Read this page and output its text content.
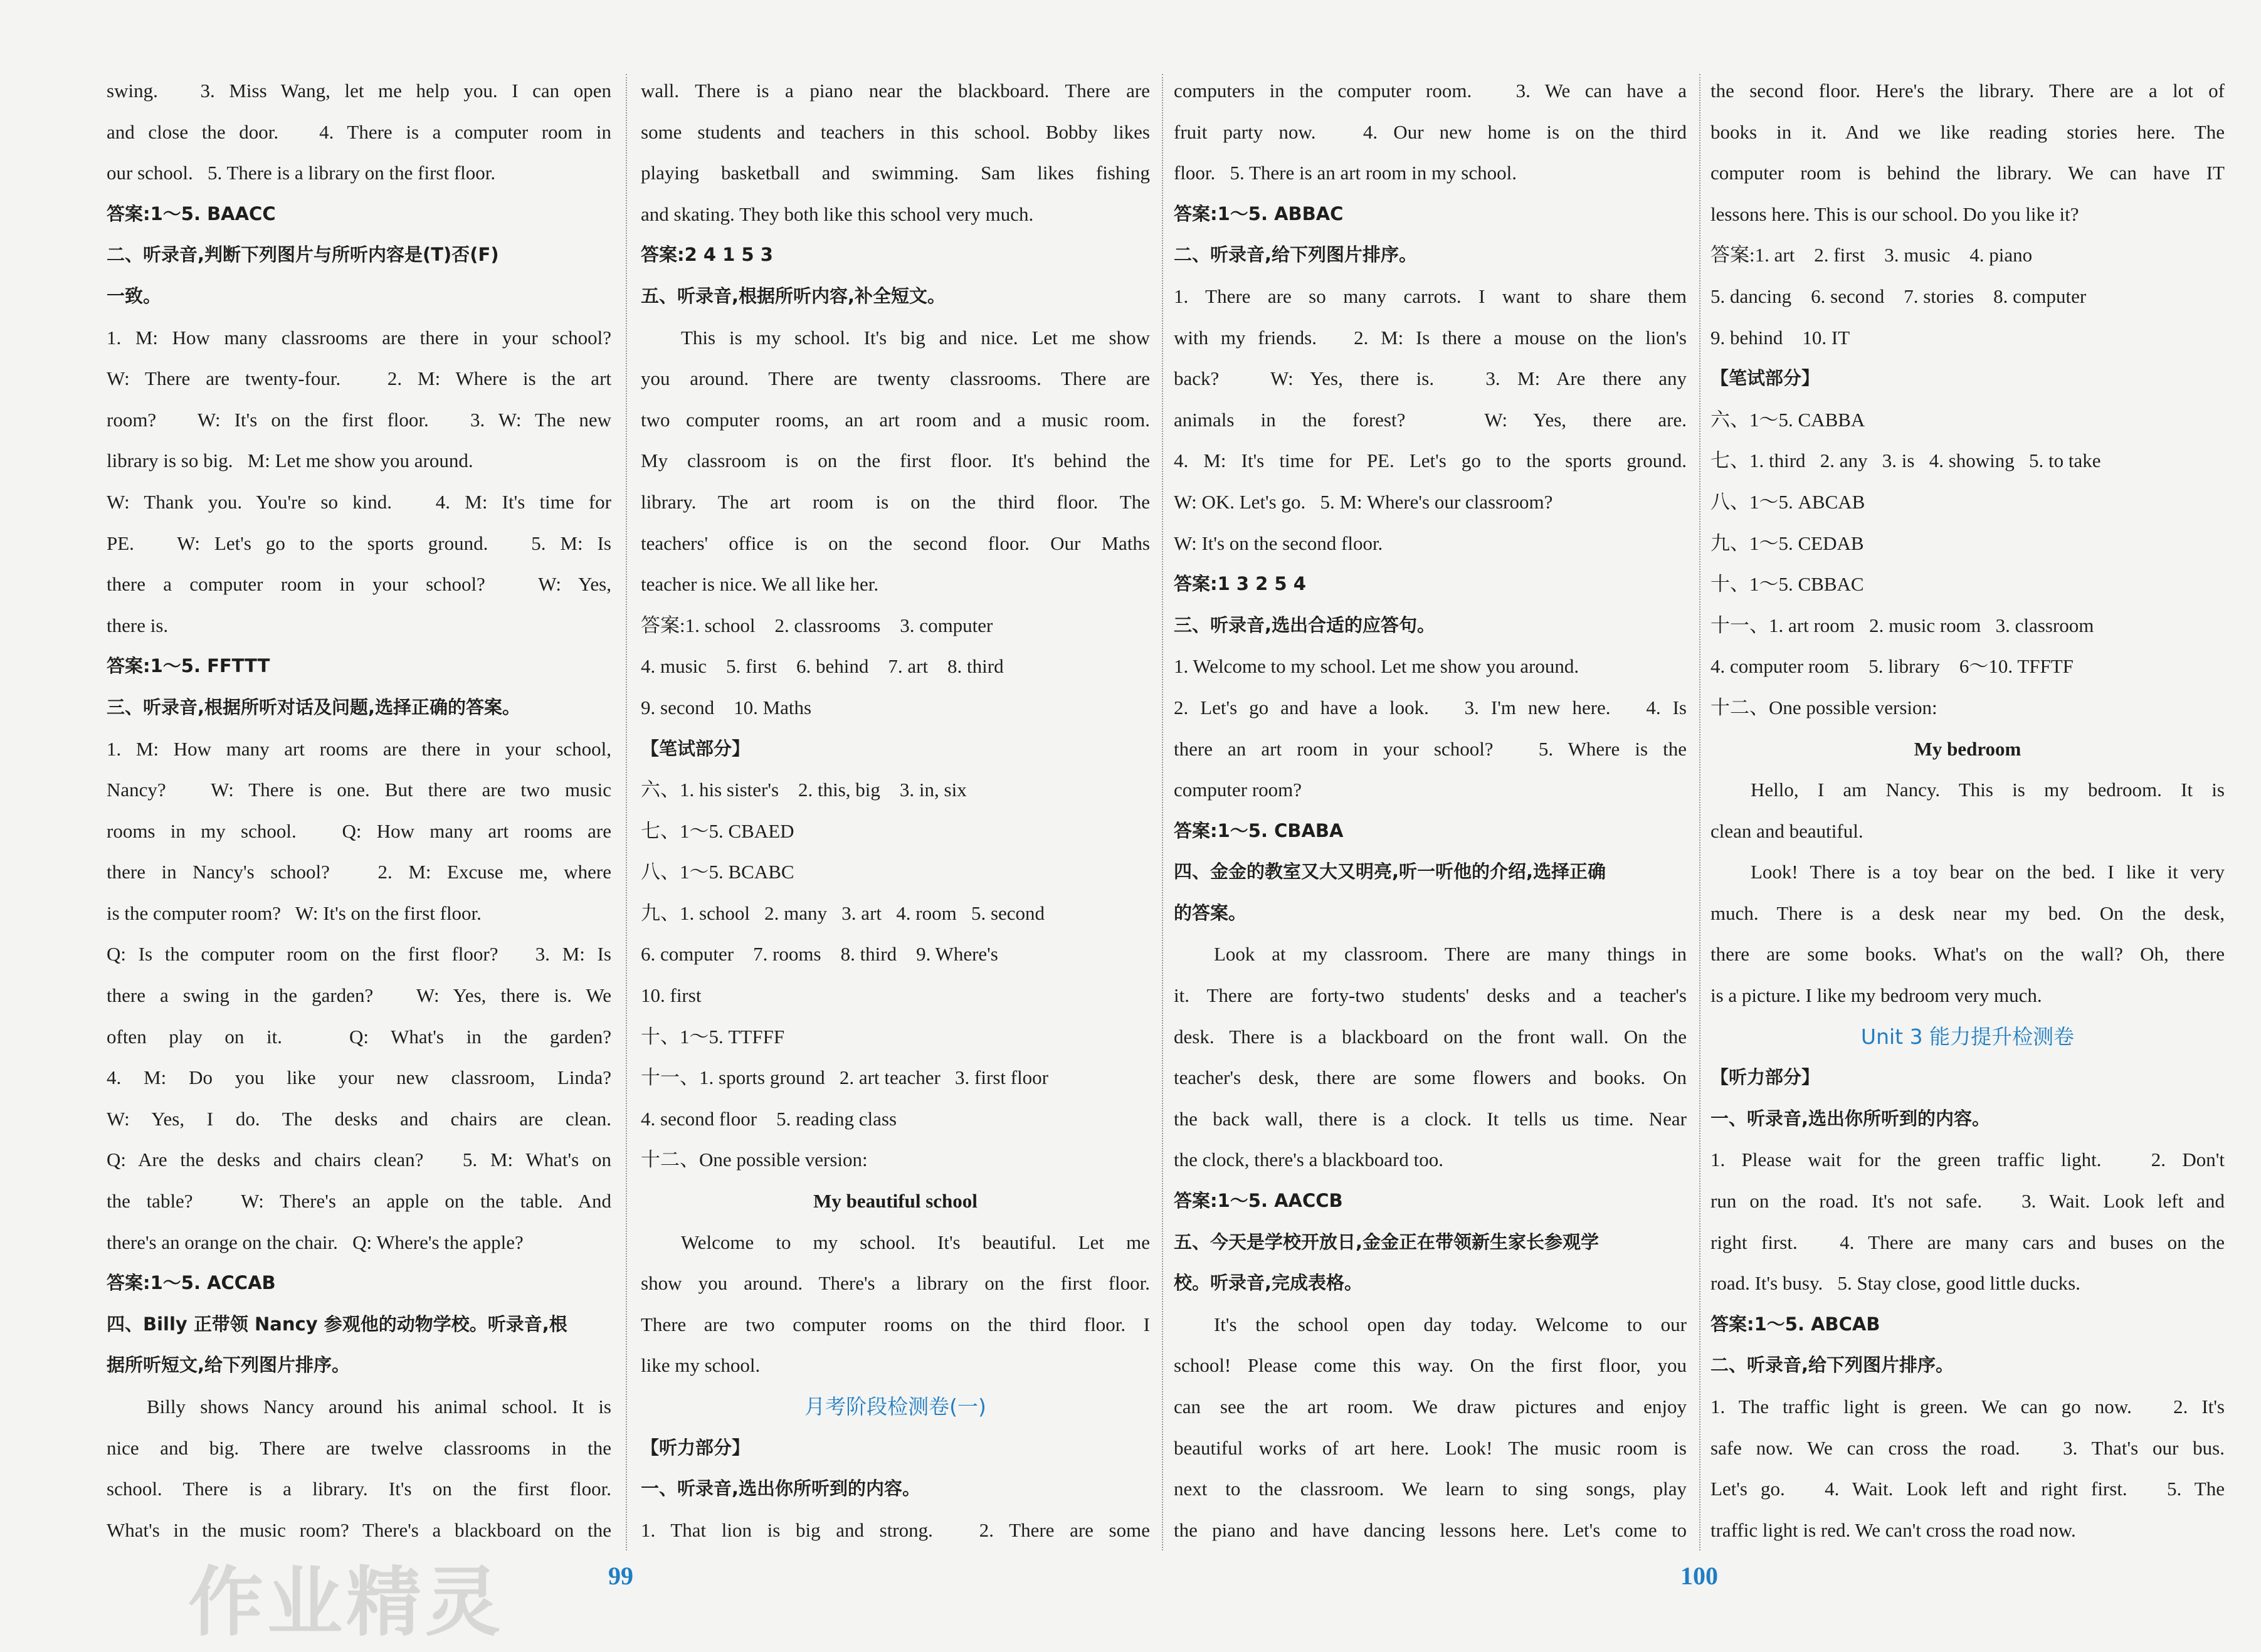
swing.   3. Miss Wang, let me help you. I can open
and close the door.   4. There is a computer room in
our school.   5. There is a library on the first floor.
答案:1～5. BAACC
二、听录音,判断下列图片与所听内容是(T)否(F)
一致。
1. M: How many classrooms are there in your school?
W: There are twenty-four.   2. M: Where is the art
room?   W: It's on the first floor.   3. W: The new
library is so big.   M: Let me show you around.
W: Thank you. You're so kind.   4. M: It's time for
PE.   W: Let's go to the sports ground.   5. M: Is
there a computer room in your school?   W: Yes,
there is.
答案:1～5. FFTTT
三、听录音,根据所听对话及问题,选择正确的答案。
1. M: How many art rooms are there in your school,
Nancy?   W: There is one. But there are two music
rooms in my school.   Q: How many art rooms are
there in Nancy's school?   2. M: Excuse me, where
is the computer room?   W: It's on the first floor.
Q: Is the computer room on the first floor?   3. M: Is
there a swing in the garden?   W: Yes, there is. We
often play on it.   Q: What's in the garden?
4. M: Do you like your new classroom, Linda?
W: Yes, I do. The desks and chairs are clean.
Q: Are the desks and chairs clean?   5. M: What's on
the table?   W: There's an apple on the table. And
there's an orange on the chair.   Q: Where's the apple?
答案:1～5. ACCAB
四、Billy 正带领 Nancy 参观他的动物学校。听录音,根
据所听短文,给下列图片排序。
Billy shows Nancy around his animal school. It is
nice and big. There are twelve classrooms in the
school. There is a library. It's on the first floor.
What's in the music room? There's a blackboard on the
wall. There is a piano near the blackboard. There are
some students and teachers in this school. Bobby likes
playing basketball and swimming. Sam likes fishing
and skating. They both like this school very much.
答案:2 4 1 5 3
五、听录音,根据所听内容,补全短文。
This is my school. It's big and nice. Let me show
you around. There are twenty classrooms. There are
two computer rooms, an art room and a music room.
My classroom is on the first floor. It's behind the
library. The art room is on the third floor. The
teachers' office is on the second floor. Our Maths
teacher is nice. We all like her.
答案:1. school    2. classrooms    3. computer
4. music    5. first    6. behind    7. art    8. third
9. second    10. Maths
【笔试部分】
六、1. his sister's    2. this, big    3. in, six
七、1～5. CBAED
八、1～5. BCABC
九、1. school   2. many   3. art   4. room   5. second
6. computer    7. rooms    8. third    9. Where's
10. first
十、1～5. TTFFF
十一、1. sports ground   2. art teacher   3. first floor
4. second floor    5. reading class
十二、One possible version:
My beautiful school
Welcome to my school. It's beautiful. Let me
show you around. There's a library on the first floor.
There are two computer rooms on the third floor. I
like my school.
月考阶段检测卷(一)
【听力部分】
一、听录音,选出你所听到的内容。
1. That lion is big and strong.   2. There are some
computers in the computer room.   3. We can have a
fruit party now.   4. Our new home is on the third
floor.   5. There is an art room in my school.
答案:1～5. ABBAC
二、听录音,给下列图片排序。
1. There are so many carrots. I want to share them
with my friends.   2. M: Is there a mouse on the lion's
back?   W: Yes, there is.   3. M: Are there any
animals in the forest?   W: Yes, there are.
4. M: It's time for PE. Let's go to the sports ground.
W: OK. Let's go.   5. M: Where's our classroom?
W: It's on the second floor.
答案:1 3 2 5 4
三、听录音,选出合适的应答句。
1. Welcome to my school. Let me show you around.
2. Let's go and have a look.   3. I'm new here.   4. Is
there an art room in your school?   5. Where is the
computer room?
答案:1～5. CBABA
四、金金的教室又大又明亮,听一听他的介绍,选择正确
的答案。
Look at my classroom. There are many things in
it. There are forty-two students' desks and a teacher's
desk. There is a blackboard on the front wall. On the
teacher's desk, there are some flowers and books. On
the back wall, there is a clock. It tells us time. Near
the clock, there's a blackboard too.
答案:1～5. AACCB
五、今天是学校开放日,金金正在带领新生家长参观学
校。听录音,完成表格。
It's the school open day today. Welcome to our
school! Please come this way. On the first floor, you
can see the art room. We draw pictures and enjoy
beautiful works of art here. Look! The music room is
next to the classroom. We learn to sing songs, play
the piano and have dancing lessons here. Let's come to
the second floor. Here's the library. There are a lot of
books in it. And we like reading stories here. The
computer room is behind the library. We can have IT
lessons here. This is our school. Do you like it?
答案:1. art    2. first    3. music    4. piano
5. dancing    6. second    7. stories    8. computer
9. behind    10. IT
【笔试部分】
六、1～5. CABBA
七、1. third   2. any   3. is   4. showing   5. to take
八、1～5. ABCAB
九、1～5. CEDAB
十、1～5. CBBAC
十一、1. art room   2. music room   3. classroom
4. computer room    5. library    6～10. TFFTF
十二、One possible version:
My bedroom
Hello, I am Nancy. This is my bedroom. It is
clean and beautiful.
Look! There is a toy bear on the bed. I like it very
much. There is a desk near my bed. On the desk,
there are some books. What's on the wall? Oh, there
is a picture. I like my bedroom very much.
Unit 3 能力提升检测卷
【听力部分】
一、听录音,选出你所听到的内容。
1. Please wait for the green traffic light.   2. Don't
run on the road. It's not safe.   3. Wait. Look left and
right first.   4. There are many cars and buses on the
road. It's busy.   5. Stay close, good little ducks.
答案:1～5. ABCAB
二、听录音,给下列图片排序。
1. The traffic light is green. We can go now.   2. It's
safe now. We can cross the road.   3. That's our bus.
Let's go.   4. Wait. Look left and right first.   5. The
traffic light is red. We can't cross the road now.
99	100
作业精灵
